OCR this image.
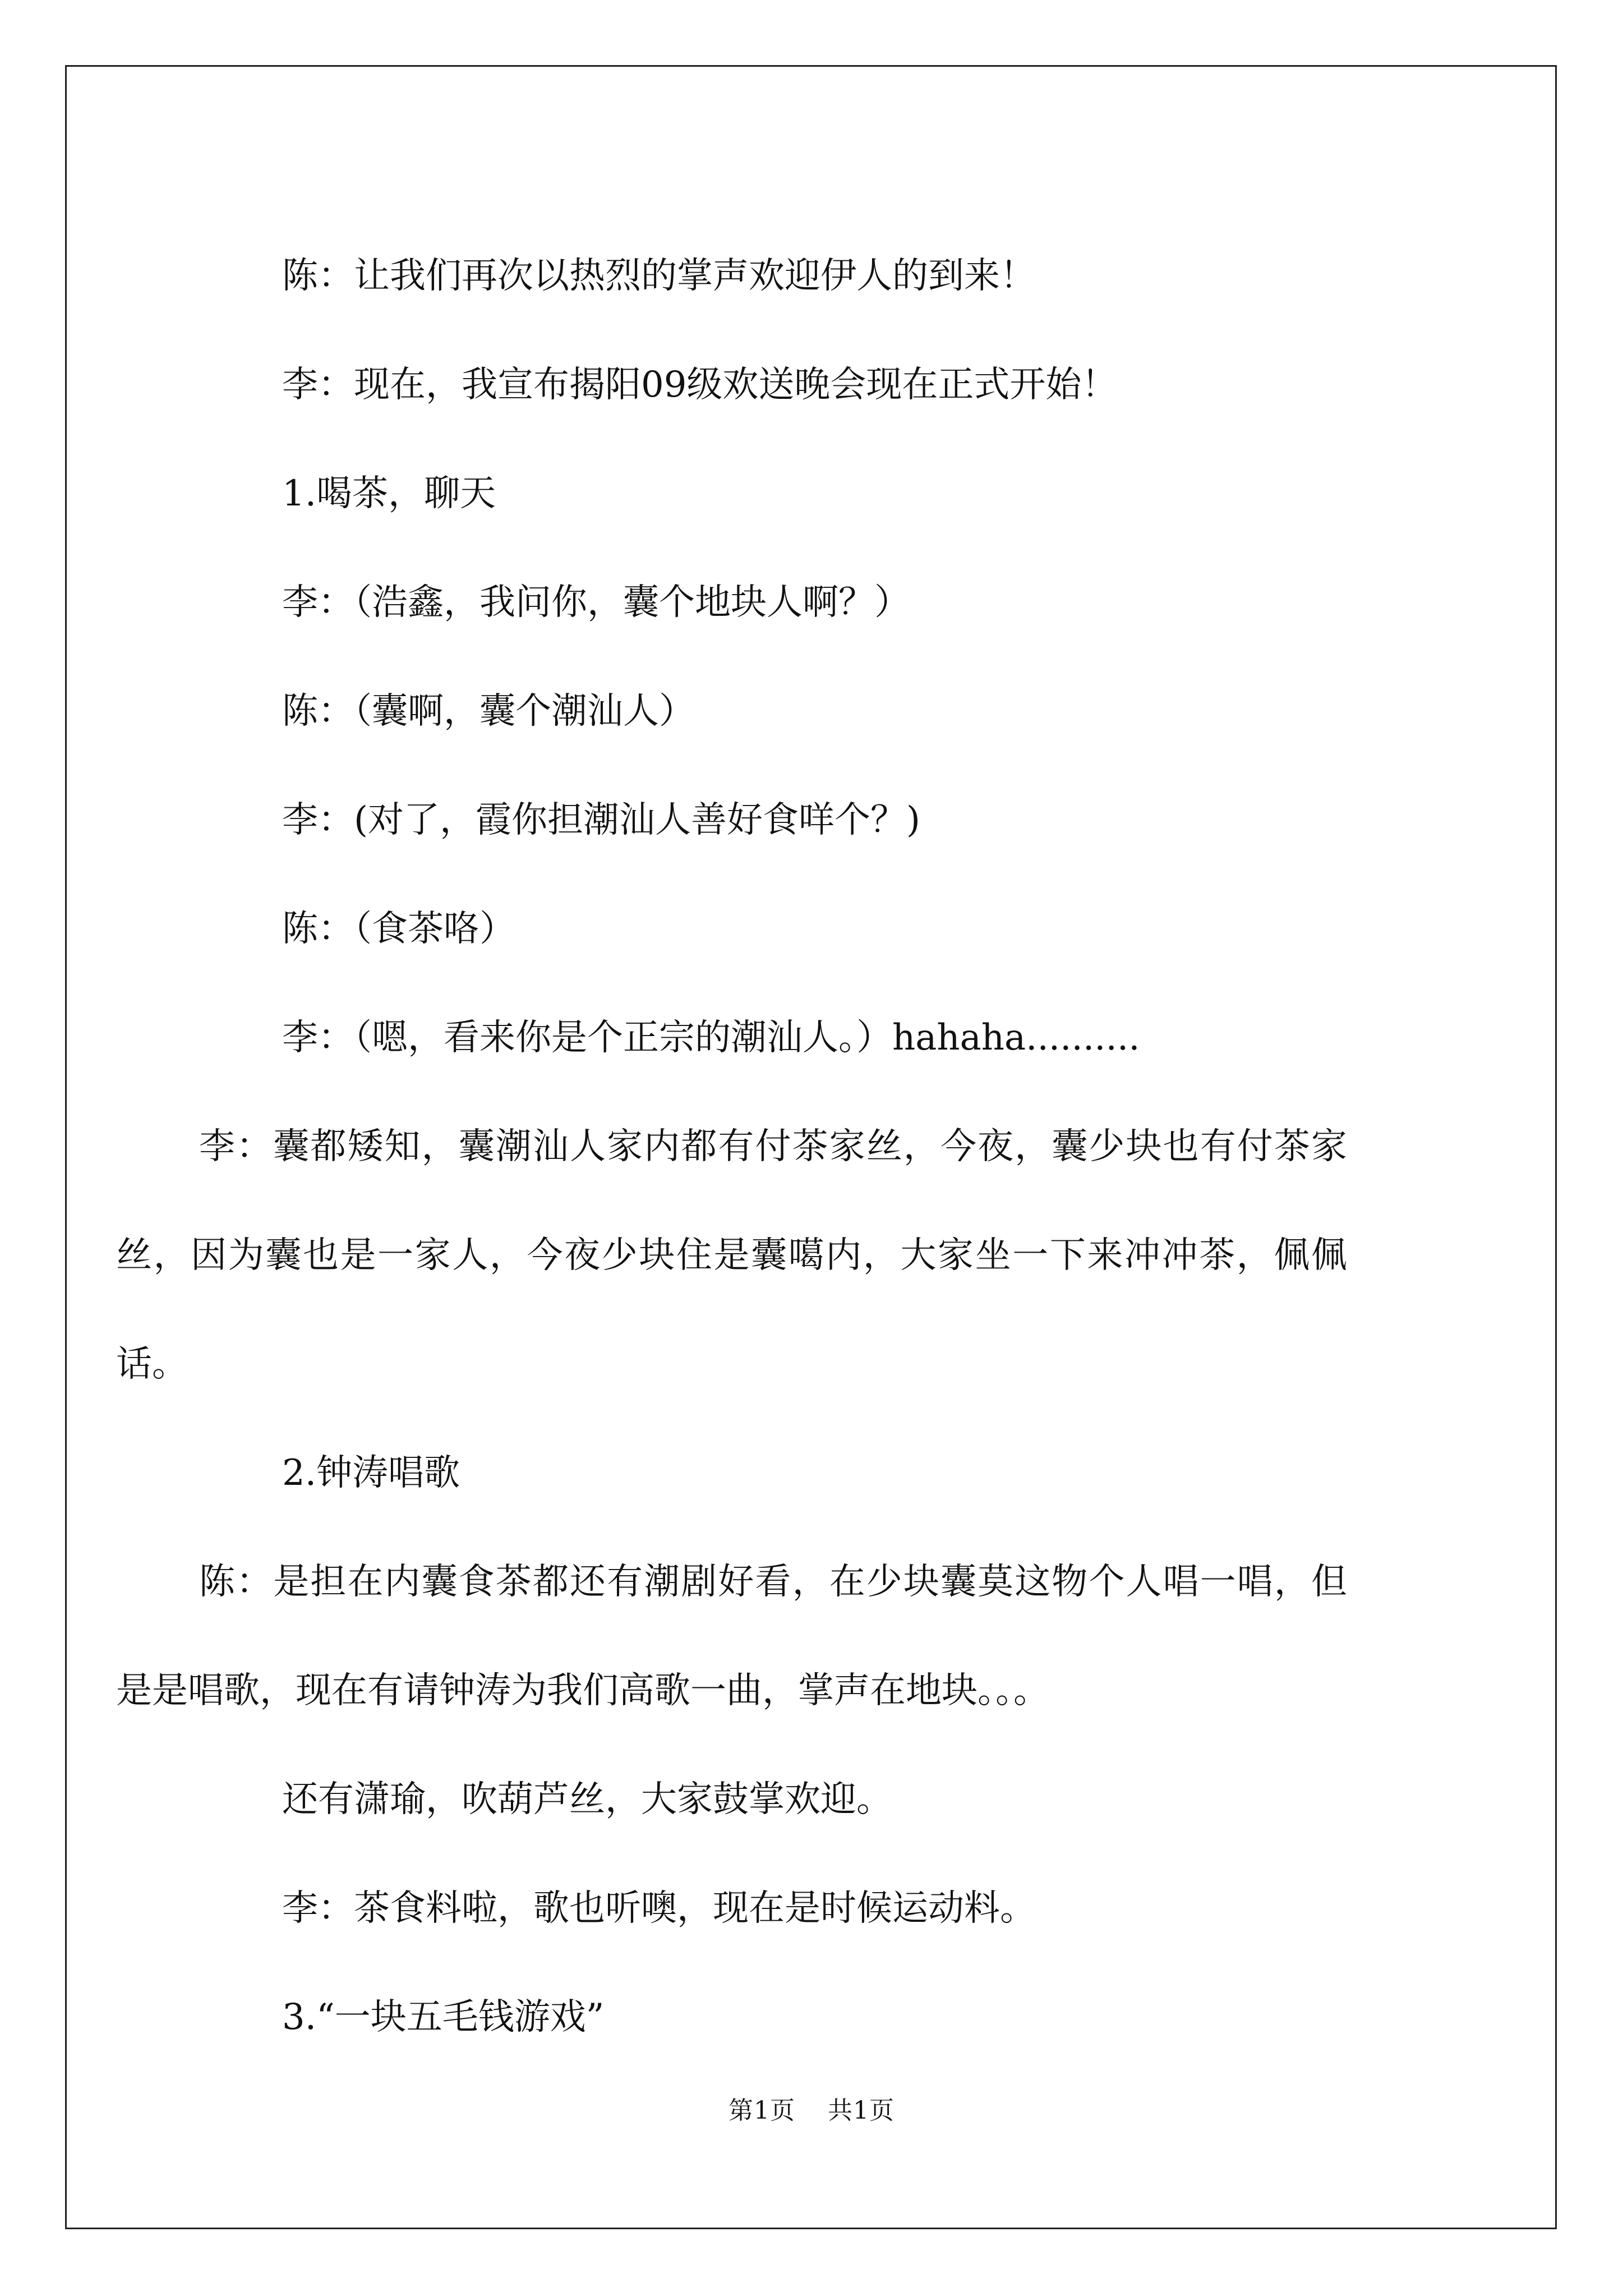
陈：让我们再次以热烈的掌声欢迎伊人的到来！

李：现在，我宣布揭阳09级欢送晚会现在正式开始！

1.喝茶，聊天

李：（浩鑫，我问你，囊个地块人啊？）

陈：（囊啊，囊个潮汕人）

李：(对了，霞你担潮汕人善好食咩个？)

陈：（食茶咯）

李：（嗯，看来你是个正宗的潮汕人。）hahaha..........

李：囊都矮知，囊潮汕人家内都有付茶家丝，今夜，囊少块也有付茶家丝，因为囊也是一家人，今夜少块住是囊噶内，大家坐一下来冲冲茶，佩佩话。

2.钟涛唱歌

陈：是担在内囊食茶都还有潮剧好看，在少块囊莫这物个人唱一唱，但是是唱歌，现在有请钟涛为我们高歌一曲，掌声在地块。。。

还有潇瑜，吹葫芦丝，大家鼓掌欢迎。

李：茶食料啦，歌也听噢，现在是时候运动料。

3.“一块五毛钱游戏”

第1页 共1页
